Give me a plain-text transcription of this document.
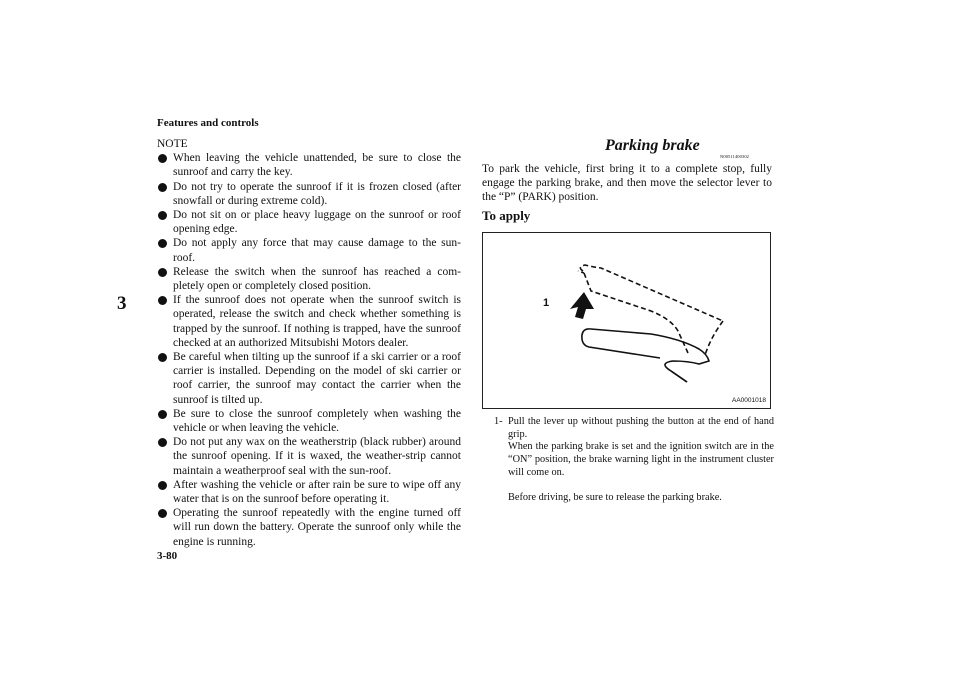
Features and controls
3
3-80

NOTE

When leaving the vehicle unattended, be sure to close the sunroof and carry the key.
Do not try to operate the sunroof if it is frozen closed (after snowfall or during extreme cold).
Do not sit on or place heavy luggage on the sunroof or roof opening edge.
Do not apply any force that may cause damage to the sun-roof.
Release the switch when the sunroof has reached a com-pletely open or completely closed position.
If the sunroof does not operate when the sunroof switch is operated, release the switch and check whether something is trapped by the sunroof. If nothing is trapped, have the sunroof checked at an authorized Mitsubishi Motors dealer.
Be careful when tilting up the sunroof if a ski carrier or a roof carrier is installed. Depending on the model of ski carrier or roof carrier, the sunroof may contact the carrier when the sunroof is tilted up.
Be sure to close the sunroof completely when washing the vehicle or when leaving the vehicle.
Do not put any wax on the weatherstrip (black rubber) around the sunroof opening. If it is waxed, the weather-strip cannot maintain a weatherproof seal with the sun-roof.
After washing the vehicle or after rain be sure to wipe off any water that is on the sunroof before operating it.
Operating the sunroof repeatedly with the engine turned off will run down the battery. Operate the sunroof only while the engine is running.
Parking brake
N00511400302

To park the vehicle, first bring it to a complete stop, fully engage the parking brake, and then move the selector lever to the “P” (PARK) position.

To apply
1
AA0001018
1- Pull the lever up without pushing the button at the end of hand grip.
When the parking brake is set and the ignition switch are in the “ON” position, the brake warning light in the instrument cluster will come on.
Before driving, be sure to release the parking brake.
